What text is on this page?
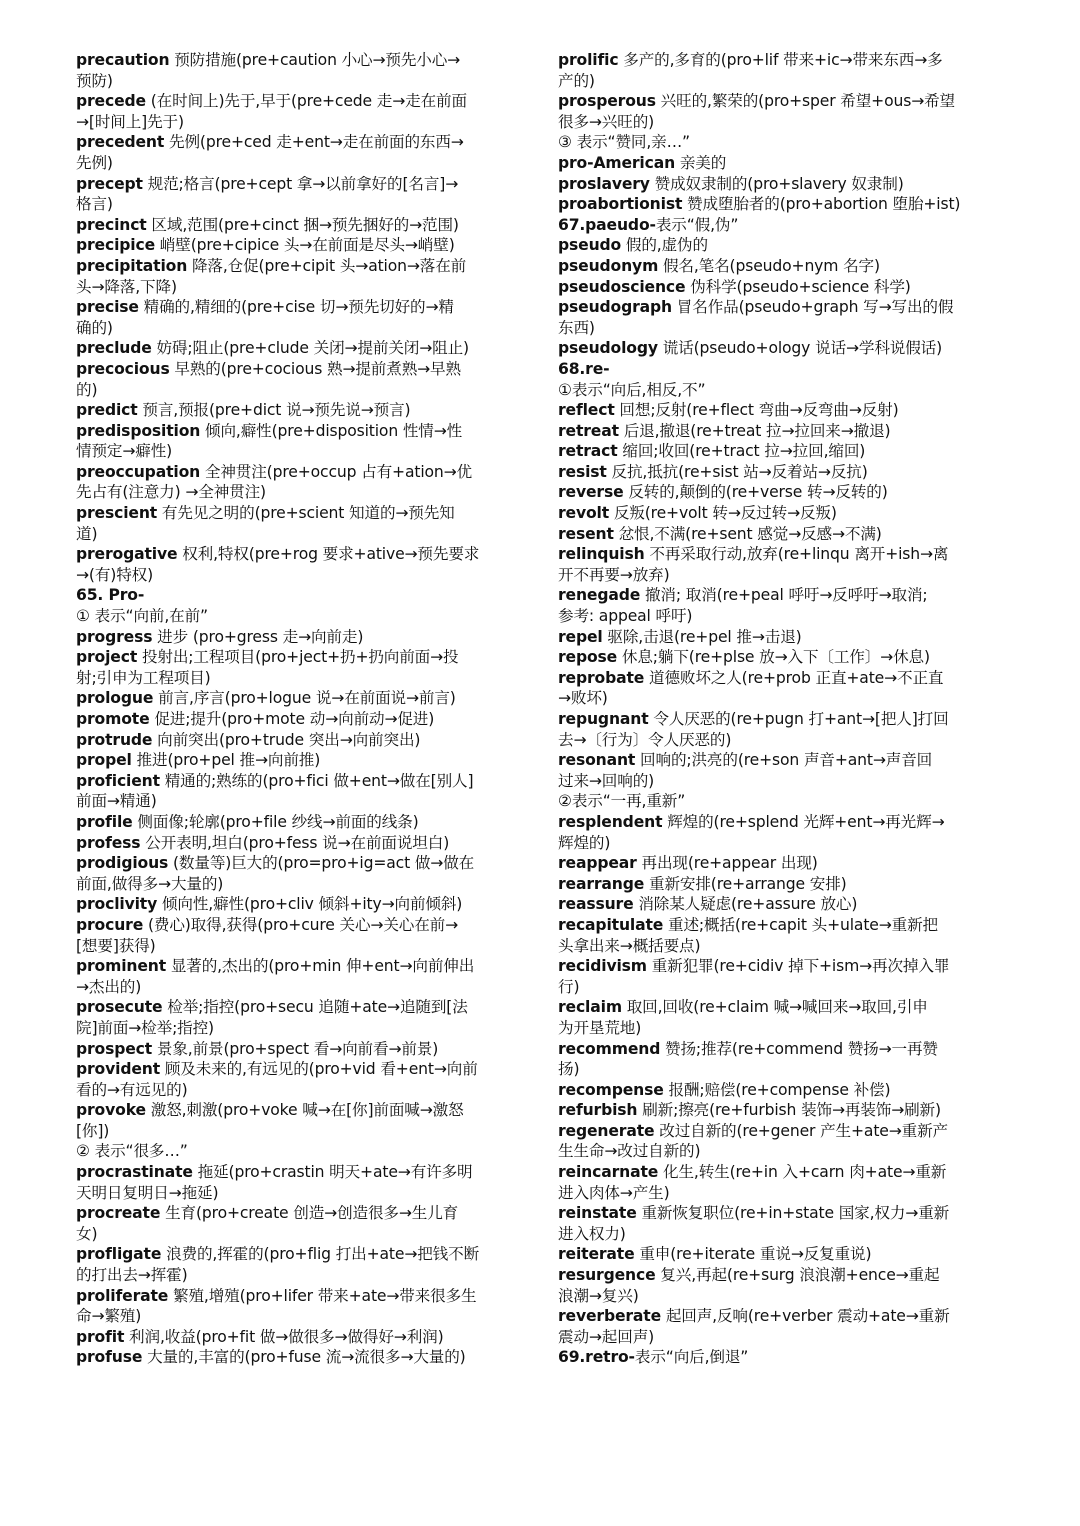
precaution 预防措施(pre+caution 小心→预先小心→
预防)
precede (在时间上)先于,早于(pre+cede 走→走在前面
→[时间上]先于)
precedent 先例(pre+ced 走+ent→走在前面的东西→
先例)
precept 规范;格言(pre+cept 拿→以前拿好的[名言]→
格言)
precinct 区域,范围(pre+cinct 捆→预先捆好的→范围)
precipice 峭壁(pre+cipice 头→在前面是尽头→峭壁)
precipitation 降落,仓促(pre+cipit 头→ation→落在前
头→降落,下降)
precise 精确的,精细的(pre+cise 切→预先切好的→精
确的)
preclude 妨碍;阻止(pre+clude 关闭→提前关闭→阻止)
precocious 早熟的(pre+cocious 熟→提前煮熟→早熟
的)
predict 预言,预报(pre+dict 说→预先说→预言)
predisposition 倾向,癖性(pre+disposition 性情→性
情预定→癖性)
preoccupation 全神贯注(pre+occup 占有+ation→优
先占有(注意力) →全神贯注)
prescient 有先见之明的(pre+scient 知道的→预先知
道)
prerogative 权利,特权(pre+rog 要求+ative→预先要求
→(有)特权)
65. Pro-
① 表示“向前,在前”
progress 进步 (pro+gress 走→向前走)
project 投射出;工程项目(pro+ject+扔+扔向前面→投
射;引申为工程项目)
prologue 前言,序言(pro+logue 说→在前面说→前言)
promote 促进;提升(pro+mote 动→向前动→促进)
protrude 向前突出(pro+trude 突出→向前突出)
propel 推进(pro+pel 推→向前推)
proficient 精通的;熟练的(pro+fici 做+ent→做在[别人]
前面→精通)
profile 侧面像;轮廓(pro+file 纱线→前面的线条)
profess 公开表明,坦白(pro+fess 说→在前面说坦白)
prodigious (数量等)巨大的(pro=pro+ig=act 做→做在
前面,做得多→大量的)
proclivity 倾向性,癖性(pro+cliv 倾斜+ity→向前倾斜)
procure (费心)取得,获得(pro+cure 关心→关心在前→
[想要]获得)
prominent 显著的,杰出的(pro+min 伸+ent→向前伸出
→杰出的)
prosecute 检举;指控(pro+secu 追随+ate→追随到[法
院]前面→检举;指控)
prospect 景象,前景(pro+spect 看→向前看→前景)
provident 顾及未来的,有远见的(pro+vid 看+ent→向前
看的→有远见的)
provoke 激怒,刺激(pro+voke 喊→在[你]前面喊→激怒
[你])
② 表示“很多…”
procrastinate 拖延(pro+crastin 明天+ate→有许多明
天明日复明日→拖延)
procreate 生育(pro+create 创造→创造很多→生儿育
女)
profligate 浪费的,挥霍的(pro+flig 打出+ate→把钱不断
的打出去→挥霍)
proliferate 繁殖,增殖(pro+lifer 带来+ate→带来很多生
命→繁殖)
profit 利润,收益(pro+fit 做→做很多→做得好→利润)
profuse 大量的,丰富的(pro+fuse 流→流很多→大量的)
prolific 多产的,多育的(pro+lif 带来+ic→带来东西→多
产的)
prosperous 兴旺的,繁荣的(pro+sper 希望+ous→希望
很多→兴旺的)
③ 表示“赞同,亲…”
pro-American 亲美的
proslavery 赞成奴隶制的(pro+slavery 奴隶制)
proabortionist 赞成堕胎者的(pro+abortion 堕胎+ist)
67.paeudo-表示“假,伪”
pseudo 假的,虚伪的
pseudonym 假名,笔名(pseudo+nym 名字)
pseudoscience 伪科学(pseudo+science 科学)
pseudograph 冒名作品(pseudo+graph 写→写出的假
东西)
pseudology 谎话(pseudo+ology 说话→学科说假话)
68.re-
①表示“向后,相反,不”
reflect 回想;反射(re+flect 弯曲→反弯曲→反射)
retreat 后退,撤退(re+treat 拉→拉回来→撤退)
retract 缩回;收回(re+tract 拉→拉回,缩回)
resist 反抗,抵抗(re+sist 站→反着站→反抗)
reverse 反转的,颠倒的(re+verse 转→反转的)
revolt 反叛(re+volt 转→反过转→反叛)
resent 忿恨,不满(re+sent 感觉→反感→不满)
relinquish 不再采取行动,放弃(re+linqu 离开+ish→离
开不再要→放弃)
renegade 撤消; 取消(re+peal 呼吁→反呼吁→取消;
参考: appeal 呼吁)
repel 驱除,击退(re+pel 推→击退)
repose 休息;躺下(re+plse 放→入下〔工作〕→休息)
reprobate 道德败坏之人(re+prob 正直+ate→不正直
→败坏)
repugnant 令人厌恶的(re+pugn 打+ant→[把人]打回
去→〔行为〕令人厌恶的)
resonant 回响的;洪亮的(re+son 声音+ant→声音回
过来→回响的)
②表示“一再,重新”
resplendent 辉煌的(re+splend 光辉+ent→再光辉→
辉煌的)
reappear 再出现(re+appear 出现)
rearrange 重新安排(re+arrange 安排)
reassure 消除某人疑虑(re+assure 放心)
recapitulate 重述;概括(re+capit 头+ulate→重新把
头拿出来→概括要点)
recidivism 重新犯罪(re+cidiv 掉下+ism→再次掉入罪
行)
reclaim 取回,回收(re+claim 喊→喊回来→取回,引申
为开垦荒地)
recommend 赞扬;推荐(re+commend 赞扬→一再赞
扬)
recompense 报酬;赔偿(re+compense 补偿)
refurbish 刷新;擦亮(re+furbish 装饰→再装饰→刷新)
regenerate 改过自新的(re+gener 产生+ate→重新产
生生命→改过自新的)
reincarnate 化生,转生(re+in 入+carn 肉+ate→重新
进入肉体→产生)
reinstate 重新恢复职位(re+in+state 国家,权力→重新
进入权力)
reiterate 重申(re+iterate 重说→反复重说)
resurgence 复兴,再起(re+surg 浪浪潮+ence→重起
浪潮→复兴)
reverberate 起回声,反响(re+verber 震动+ate→重新
震动→起回声)
69.retro-表示“向后,倒退”
